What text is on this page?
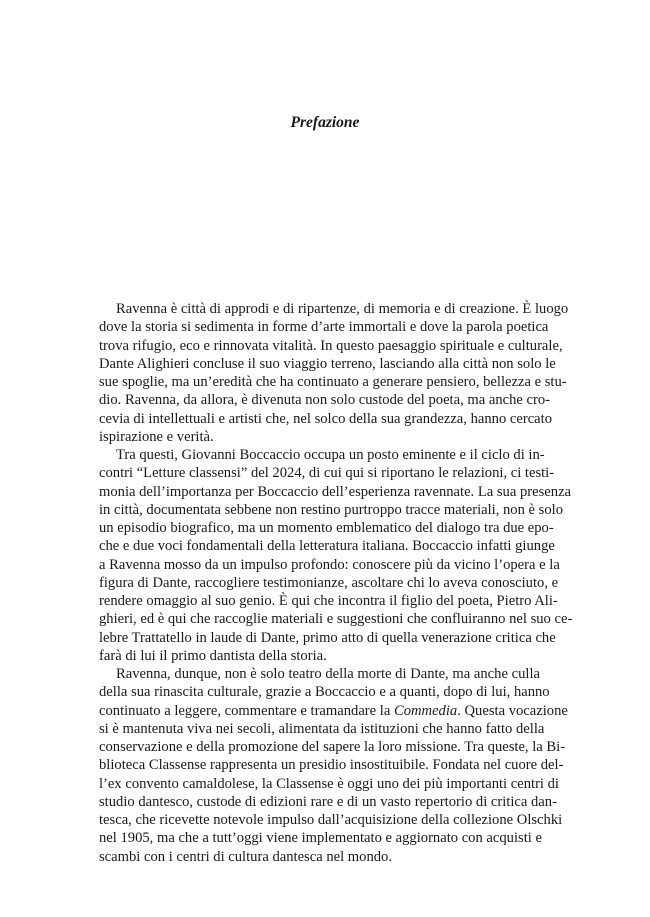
Prefazione

Ravenna è città di approdi e di ripartenze, di memoria e di creazione. È luogo
dove la storia si sedimenta in forme d’arte immortali e dove la parola poetica
trova rifugio, eco e rinnovata vitalità. In questo paesaggio spirituale e culturale,
Dante Alighieri concluse il suo viaggio terreno, lasciando alla città non solo le
sue spoglie, ma un’eredità che ha continuato a generare pensiero, bellezza e stu-
dio. Ravenna, da allora, è divenuta non solo custode del poeta, ma anche cro-
cevia di intellettuali e artisti che, nel solco della sua grandezza, hanno cercato
ispirazione e verità.

Tra questi, Giovanni Boccaccio occupa un posto eminente e il ciclo di in-
contri “Letture classensi” del 2024, di cui qui si riportano le relazioni, ci testi-
monia dell’importanza per Boccaccio dell’esperienza ravennate. La sua presenza
in città, documentata sebbene non restino purtroppo tracce materiali, non è solo
un episodio biografico, ma un momento emblematico del dialogo tra due epo-
che e due voci fondamentali della letteratura italiana. Boccaccio infatti giunge
a Ravenna mosso da un impulso profondo: conoscere più da vicino l’opera e la
figura di Dante, raccogliere testimonianze, ascoltare chi lo aveva conosciuto, e
rendere omaggio al suo genio. È qui che incontra il figlio del poeta, Pietro Ali-
ghieri, ed è qui che raccoglie materiali e suggestioni che confluiranno nel suo ce-
lebre Trattatello in laude di Dante, primo atto di quella venerazione critica che
farà di lui il primo dantista della storia.

Ravenna, dunque, non è solo teatro della morte di Dante, ma anche culla
della sua rinascita culturale, grazie a Boccaccio e a quanti, dopo di lui, hanno
continuato a leggere, commentare e tramandare la Commedia. Questa vocazione
si è mantenuta viva nei secoli, alimentata da istituzioni che hanno fatto della
conservazione e della promozione del sapere la loro missione. Tra queste, la Bi-
blioteca Classense rappresenta un presidio insostituibile. Fondata nel cuore del-
l’ex convento camaldolese, la Classense è oggi uno dei più importanti centri di
studio dantesco, custode di edizioni rare e di un vasto repertorio di critica dan-
tesca, che ricevette notevole impulso dall’acquisizione della collezione Olschki
nel 1905, ma che a tutt’oggi viene implementato e aggiornato con acquisti e
scambi con i centri di cultura dantesca nel mondo.
